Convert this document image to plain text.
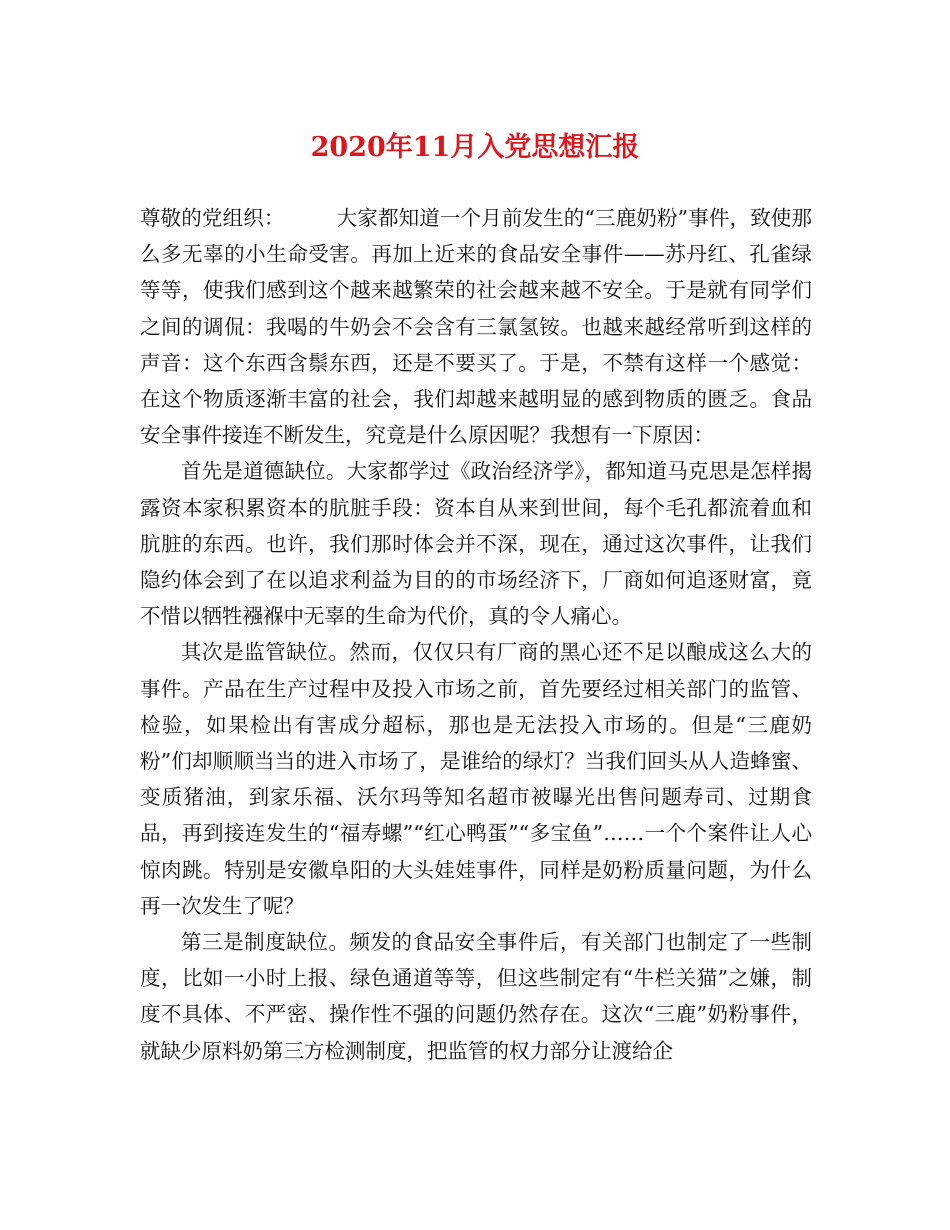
2020年11月入党思想汇报

尊敬的党组织：	大家都知道一个月前发生的“三鹿奶粉”事件，致使那么多无辜的小生命受害。再加上近来的食品安全事件——苏丹红、孔雀绿等等，使我们感到这个越来越繁荣的社会越来越不安全。于是就有同学们之间的调侃：我喝的牛奶会不会含有三氯氢铵。也越来越经常听到这样的声音：这个东西含鬃东西，还是不要买了。于是，不禁有这样一个感觉：在这个物质逐渐丰富的社会，我们却越来越明显的感到物质的匮乏。食品安全事件接连不断发生，究竟是什么原因呢？我想有一下原因：

首先是道德缺位。大家都学过《政治经济学》，都知道马克思是怎样揭露资本家积累资本的肮脏手段：资本自从来到世间，每个毛孔都流着血和肮脏的东西。也许，我们那时体会并不深，现在，通过这次事件，让我们隐约体会到了在以追求利益为目的的市场经济下，厂商如何追逐财富，竟不惜以牺牲襁褓中无辜的生命为代价，真的令人痛心。

其次是监管缺位。然而，仅仅只有厂商的黑心还不足以酿成这么大的事件。产品在生产过程中及投入市场之前，首先要经过相关部门的监管、检验，如果检出有害成分超标，那也是无法投入市场的。但是“三鹿奶粉”们却顺顺当当的进入市场了，是谁给的绿灯？当我们回头从人造蜂蜜、变质猪油，到家乐福、沃尔玛等知名超市被曝光出售问题寿司、过期食品，再到接连发生的“福寿螺”“红心鸭蛋”“多宝鱼”……一个个案件让人心惊肉跳。特别是安徽阜阳的大头娃娃事件，同样是奶粉质量问题，为什么再一次发生了呢？

第三是制度缺位。频发的食品安全事件后，有关部门也制定了一些制度，比如一小时上报、绿色通道等等，但这些制定有“牛栏关猫”之嫌，制度不具体、不严密、操作性不强的问题仍然存在。这次“三鹿”奶粉事件，就缺少原料奶第三方检测制度，把监管的权力部分让渡给企
